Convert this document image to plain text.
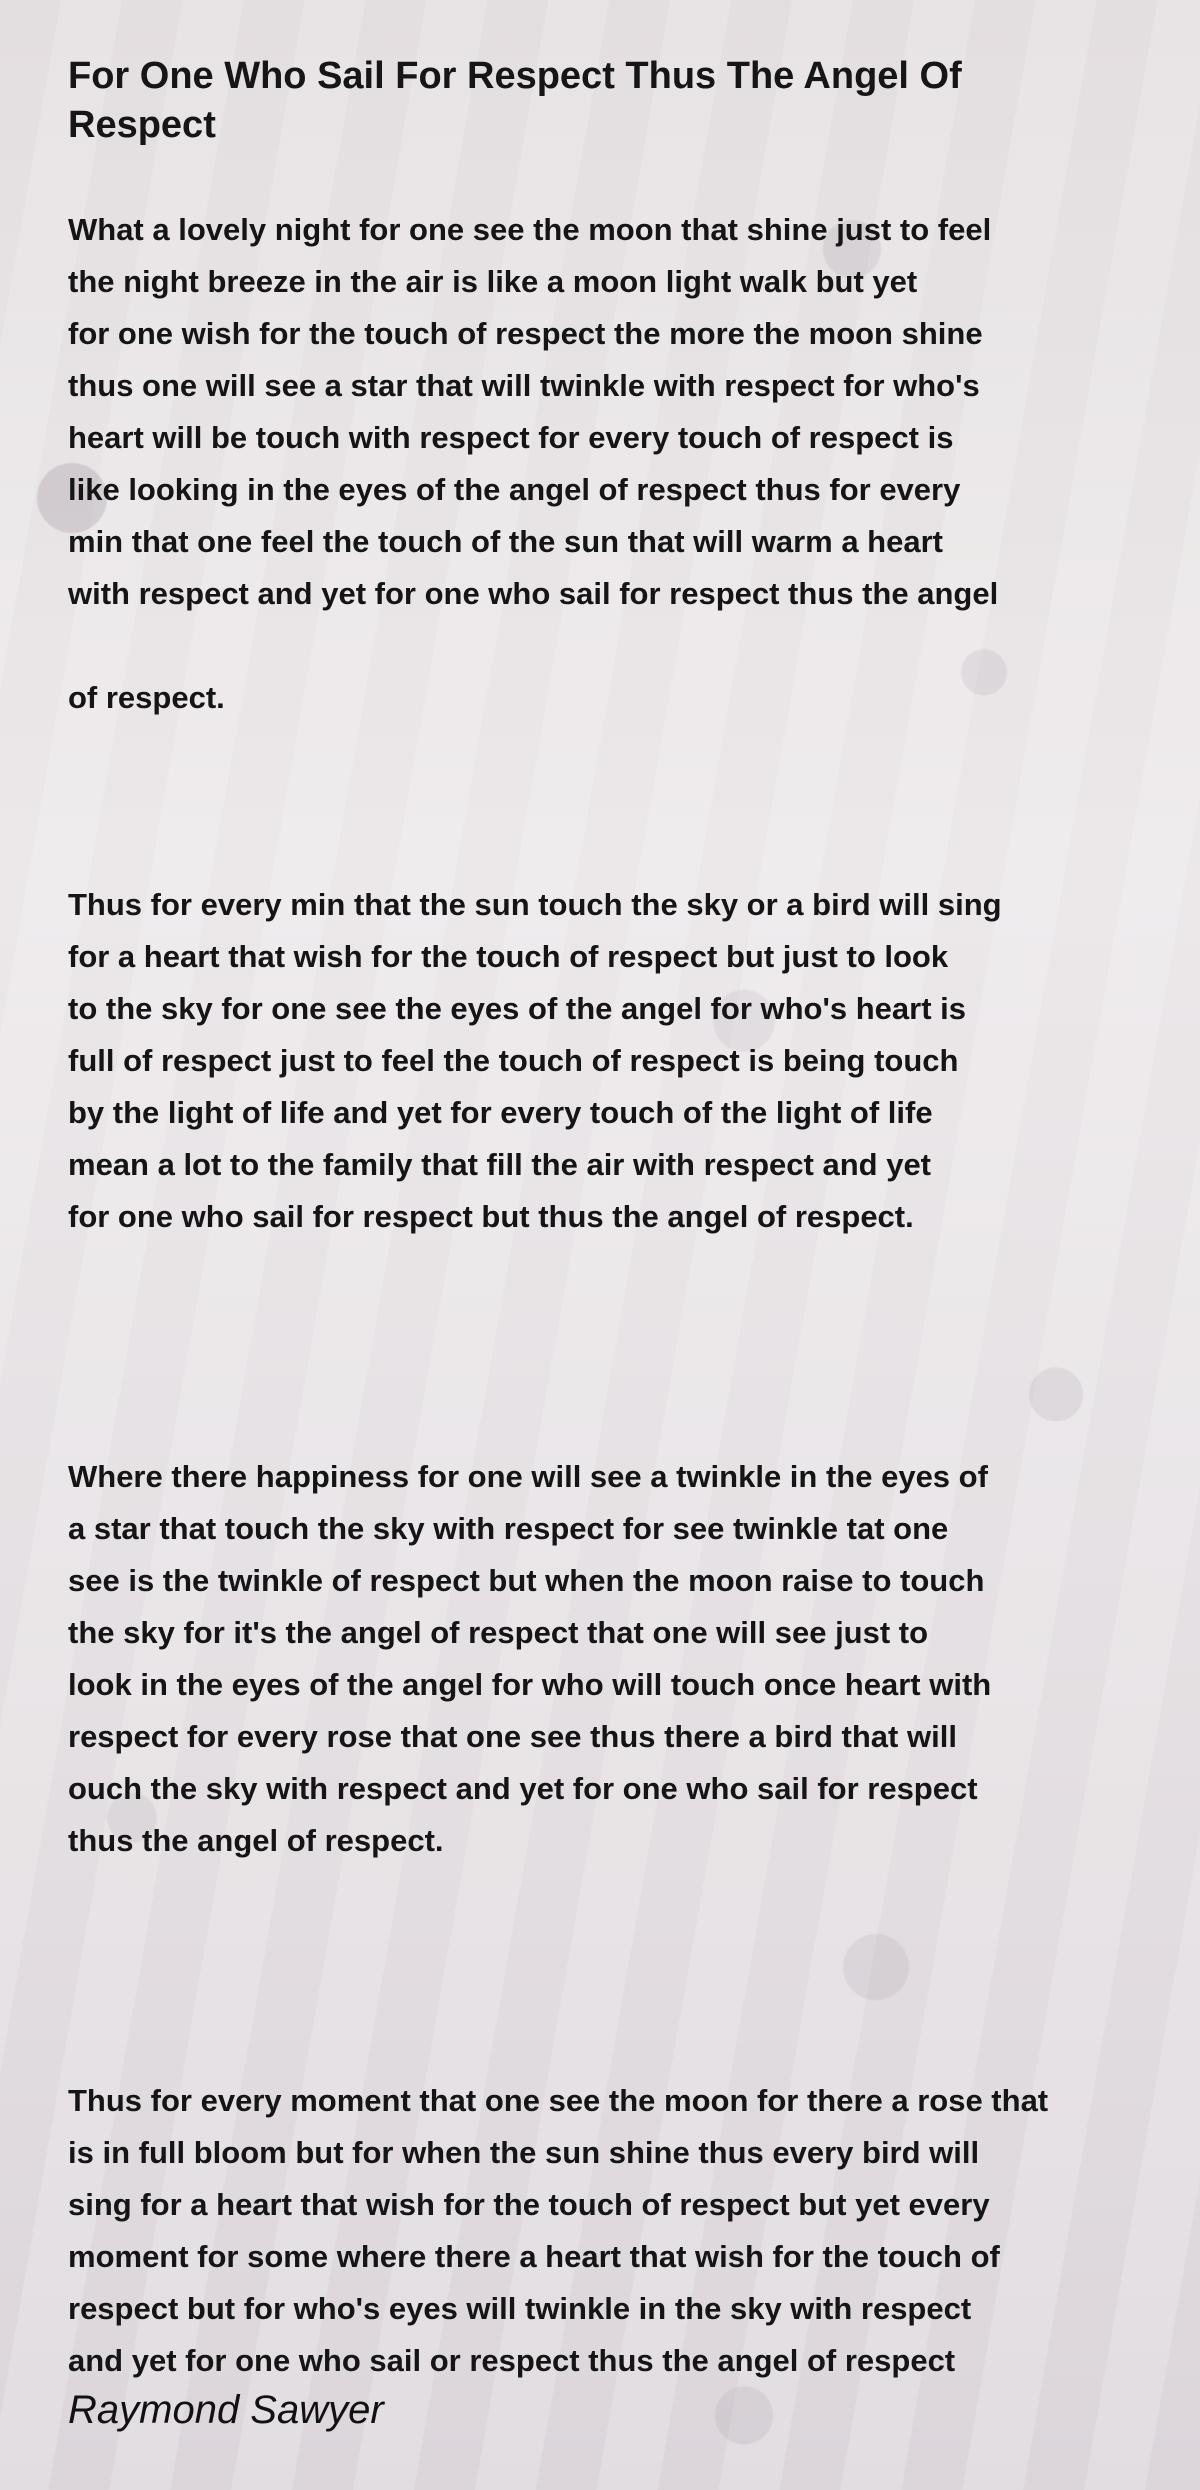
For One Who Sail For Respect Thus The Angel Of Respect

What a lovely night for one see the moon that shine just to feel
the night breeze in the air is like a moon light walk but yet
for one wish for the touch of respect the more the moon shine
thus one will see a star that will twinkle with respect for who's
heart will be touch with respect for every touch of respect is
like looking in the eyes of the angel of respect thus for every
min that one feel the touch of the sun that will warm a heart
with respect and yet for one who sail for respect thus the angel
of respect.

Thus for every min that the sun touch the sky or a bird will sing
for a heart that wish for the touch of respect but just to look
to the sky for one see the eyes of the angel for who's heart is
full of respect just to feel the touch of respect is being touch
by the light of life and yet for every touch of the light of life
mean a lot to the family that fill the air with respect and yet
for one who sail for respect but thus the angel of respect.

Where there happiness for one will see a twinkle in the eyes of
a star that touch the sky with respect for see twinkle tat one
see is the twinkle of respect but when the moon raise to touch
the sky for it's the angel of respect that one will see just to
look in the eyes of the angel for who will touch once heart with
respect for every rose that one see thus there a bird that will
ouch the sky with respect and yet for one who sail for respect
thus the angel of respect.

Thus for every moment that one see the moon for there a rose that
is in full bloom but for when the sun shine thus every bird will
sing for a heart that wish for the touch of respect but yet every
moment for some where there a heart that wish for the touch of
respect but for who's eyes will twinkle in the sky with respect
and yet for one who sail or respect thus the angel of respect

Raymond Sawyer
